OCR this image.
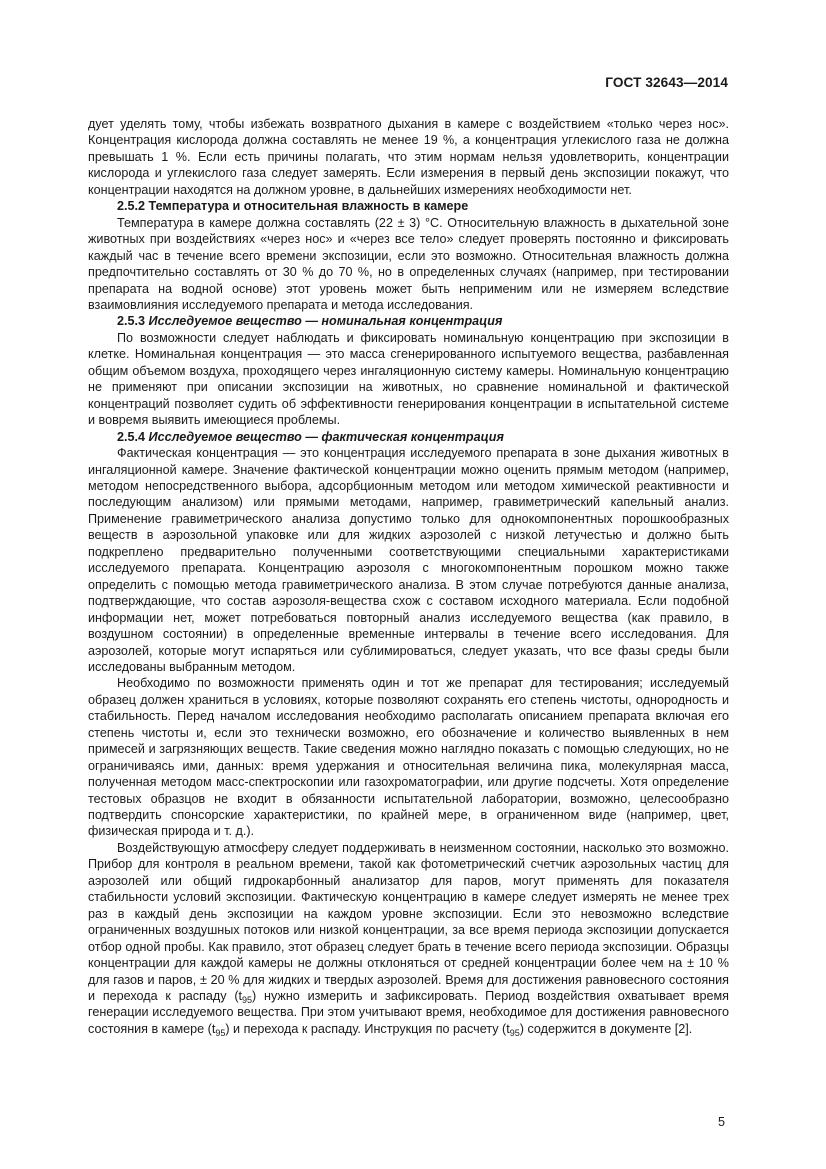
ГОСТ 32643—2014

дует уделять тому, чтобы избежать возвратного дыхания в камере с воздействием «только через нос». Концентрация кислорода должна составлять не менее 19 %, а концентрация углекислого газа не должна превышать 1 %. Если есть причины полагать, что этим нормам нельзя удовлетворить, концентрации кислорода и углекислого газа следует замерять. Если измерения в первый день экспозиции покажут, что концентрации находятся на должном уровне, в дальнейших измерениях необходимости нет.

2.5.2 Температура и относительная влажность в камере

Температура в камере должна составлять (22 ± 3) °С. Относительную влажность в дыхательной зоне животных при воздействиях «через нос» и «через все тело» следует проверять постоянно и фиксировать каждый час в течение всего времени экспозиции, если это возможно. Относительная влажность должна предпочтительно составлять от 30 % до 70 %, но в определенных случаях (например, при тестировании препарата на водной основе) этот уровень может быть неприменим или не измеряем вследствие взаимовлияния исследуемого препарата и метода исследования.

2.5.3 Исследуемое вещество — номинальная концентрация

По возможности следует наблюдать и фиксировать номинальную концентрацию при экспозиции в клетке. Номинальная концентрация — это масса сгенерированного испытуемого вещества, разбавленная общим объемом воздуха, проходящего через ингаляционную систему камеры. Номинальную концентрацию не применяют при описании экспозиции на животных, но сравнение номинальной и фактической концентраций позволяет судить об эффективности генерирования концентрации в испытательной системе и вовремя выявить имеющиеся проблемы.

2.5.4 Исследуемое вещество — фактическая концентрация

Фактическая концентрация — это концентрация исследуемого препарата в зоне дыхания животных в ингаляционной камере. Значение фактической концентрации можно оценить прямым методом (например, методом непосредственного выбора, адсорбционным методом или методом химической реактивности и последующим анализом) или прямыми методами, например, гравиметрический капельный анализ. Применение гравиметрического анализа допустимо только для однокомпонентных порошкообразных веществ в аэрозольной упаковке или для жидких аэрозолей с низкой летучестью и должно быть подкреплено предварительно полученными соответствующими специальными характеристиками исследуемого препарата. Концентрацию аэрозоля с многокомпонентным порошком можно также определить с помощью метода гравиметрического анализа. В этом случае потребуются данные анализа, подтверждающие, что состав аэрозоля-вещества схож с составом исходного материала. Если подобной информации нет, может потребоваться повторный анализ исследуемого вещества (как правило, в воздушном состоянии) в определенные временные интервалы в течение всего исследования. Для аэрозолей, которые могут испаряться или сублимироваться, следует указать, что все фазы среды были исследованы выбранным методом.

Необходимо по возможности применять один и тот же препарат для тестирования; исследуемый образец должен храниться в условиях, которые позволяют сохранять его степень чистоты, однородность и стабильность. Перед началом исследования необходимо располагать описанием препарата включая его степень чистоты и, если это технически возможно, его обозначение и количество выявленных в нем примесей и загрязняющих веществ. Такие сведения можно наглядно показать с помощью следующих, но не ограничиваясь ими, данных: время удержания и относительная величина пика, молекулярная масса, полученная методом масс-спектроскопии или газохроматографии, или другие подсчеты. Хотя определение тестовых образцов не входит в обязанности испытательной лаборатории, возможно, целесообразно подтвердить спонсорские характеристики, по крайней мере, в ограниченном виде (например, цвет, физическая природа и т. д.).

Воздействующую атмосферу следует поддерживать в неизменном состоянии, насколько это возможно. Прибор для контроля в реальном времени, такой как фотометрический счетчик аэрозольных частиц для аэрозолей или общий гидрокарбонный анализатор для паров, могут применять для показателя стабильности условий экспозиции. Фактическую концентрацию в камере следует измерять не менее трех раз в каждый день экспозиции на каждом уровне экспозиции. Если это невозможно вследствие ограниченных воздушных потоков или низкой концентрации, за все время периода экспозиции допускается отбор одной пробы. Как правило, этот образец следует брать в течение всего периода экспозиции. Образцы концентрации для каждой камеры не должны отклоняться от средней концентрации более чем на ± 10 % для газов и паров, ± 20 % для жидких и твердых аэрозолей. Время для достижения равновесного состояния и перехода к распаду $(t_{95})$ нужно измерить и зафиксировать. Период воздействия охватывает время генерации исследуемого вещества. При этом учитывают время, необходимое для достижения равновесного состояния в камере $(t_{95})$ и перехода к распаду. Инструкция по расчету $(t_{95})$ содержится в документе [2].

5
